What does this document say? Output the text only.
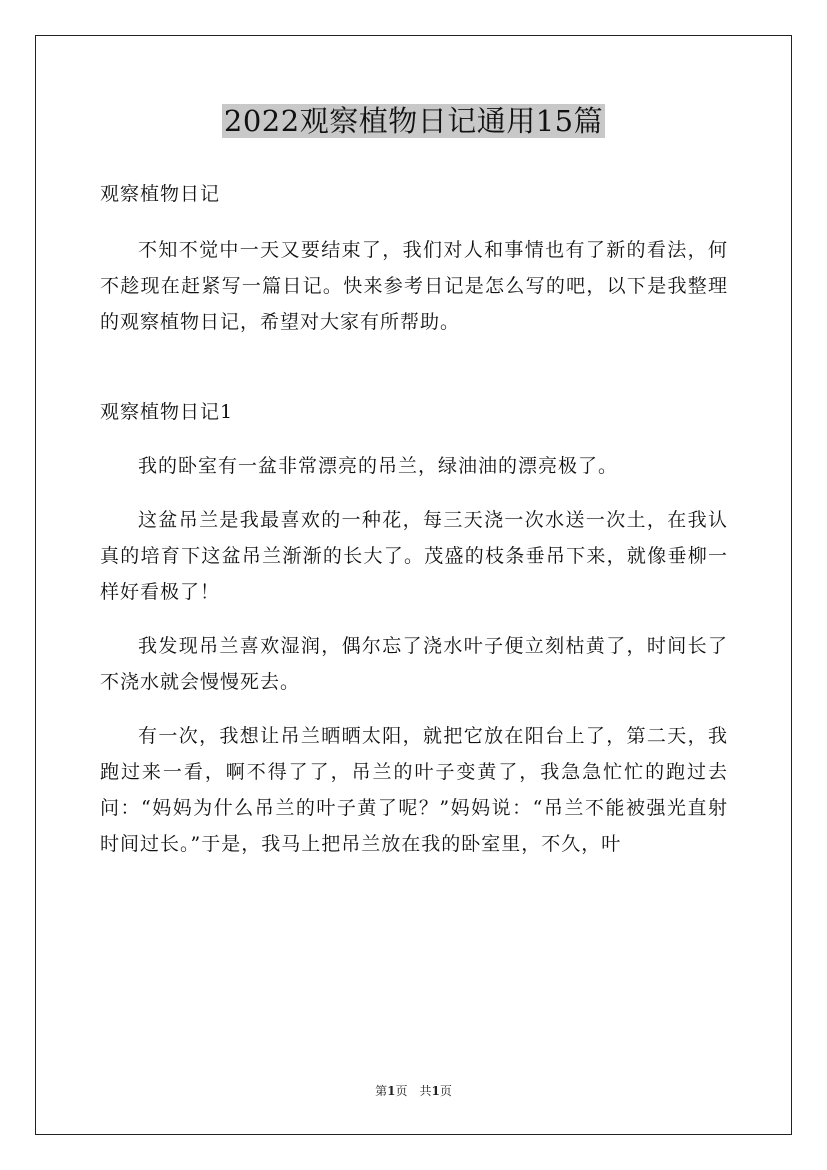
2022观察植物日记通用15篇

观察植物日记

不知不觉中一天又要结束了，我们对人和事情也有了新的看法，何不趁现在赶紧写一篇日记。快来参考日记是怎么写的吧，以下是我整理的观察植物日记，希望对大家有所帮助。

观察植物日记1

我的卧室有一盆非常漂亮的吊兰，绿油油的漂亮极了。

这盆吊兰是我最喜欢的一种花，每三天浇一次水送一次土，在我认真的培育下这盆吊兰渐渐的长大了。茂盛的枝条垂吊下来，就像垂柳一样好看极了！

我发现吊兰喜欢湿润，偶尔忘了浇水叶子便立刻枯黄了，时间长了不浇水就会慢慢死去。

有一次，我想让吊兰晒晒太阳，就把它放在阳台上了，第二天，我跑过来一看，啊不得了了，吊兰的叶子变黄了，我急急忙忙的跑过去问：“妈妈为什么吊兰的叶子黄了呢？”妈妈说：“吊兰不能被强光直射时间过长。”于是，我马上把吊兰放在我的卧室里，不久，叶

第1页　共1页
